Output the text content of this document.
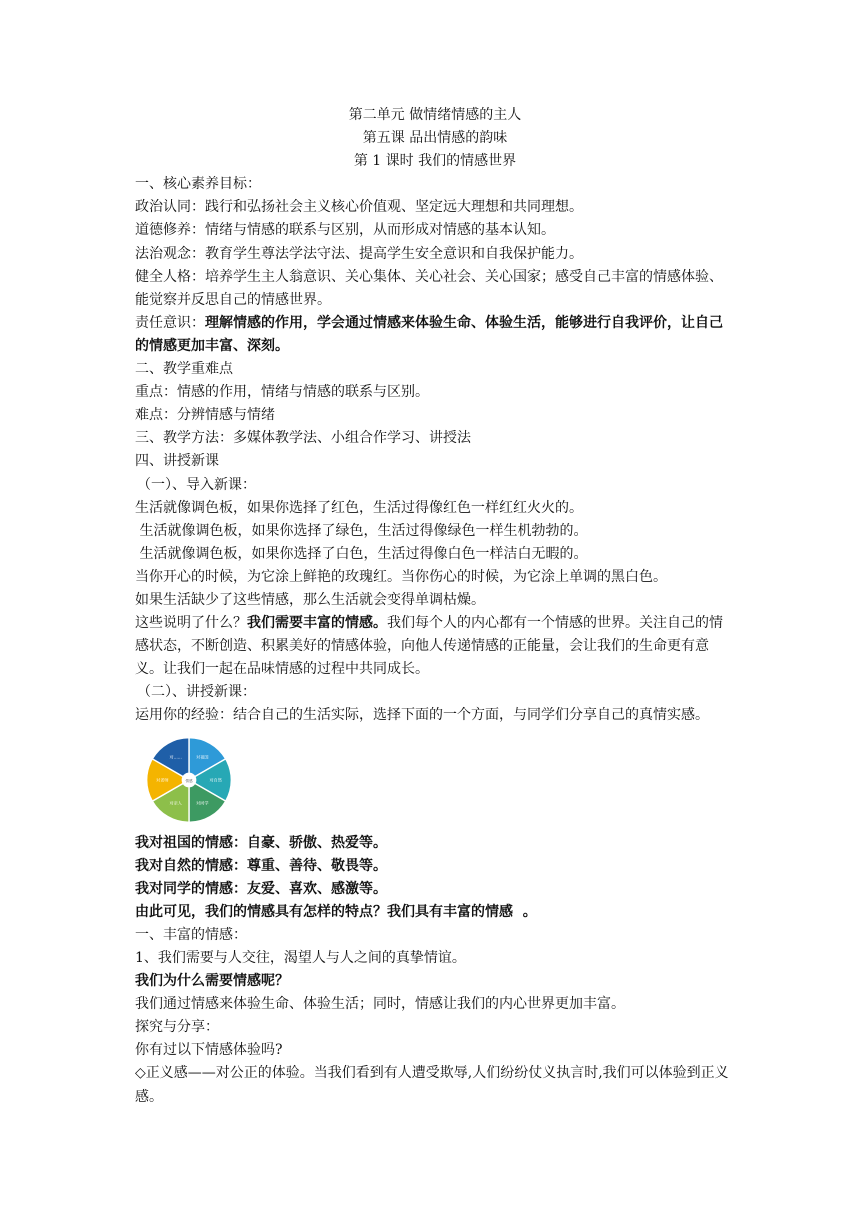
第二单元 做情绪情感的主人

第五课 品出情感的韵味

第 1 课时 我们的情感世界

一、核心素养目标：

政治认同：践行和弘扬社会主义核心价值观、坚定远大理想和共同理想。

道德修养：情绪与情感的联系与区别，从而形成对情感的基本认知。

法治观念：教育学生尊法学法守法、提高学生安全意识和自我保护能力。

健全人格：培养学生主人翁意识、关心集体、关心社会、关心国家；感受自己丰富的情感体验、能觉察并反思自己的情感世界。

责任意识：理解情感的作用，学会通过情感来体验生命、体验生活，能够进行自我评价，让自己的情感更加丰富、深刻。

二、教学重难点

重点：情感的作用，情绪与情感的联系与区别。

难点：分辨情感与情绪

三、教学方法：多媒体教学法、小组合作学习、讲授法

四、讲授新课

（一）、导入新课：

生活就像调色板，如果你选择了红色，生活过得像红色一样红红火火的。

生活就像调色板，如果你选择了绿色，生活过得像绿色一样生机勃勃的。

生活就像调色板，如果你选择了白色，生活过得像白色一样洁白无暇的。

当你开心的时候，为它涂上鲜艳的玫瑰红。当你伤心的时候，为它涂上单调的黑白色。

如果生活缺少了这些情感，那么生活就会变得单调枯燥。

这些说明了什么？我们需要丰富的情感。我们每个人的内心都有一个情感的世界。关注自己的情感状态，不断创造、积累美好的情感体验，向他人传递情感的正能量，会让我们的生命更有意义。让我们一起在品味情感的过程中共同成长。

（二）、讲授新课：

运用你的经验：结合自己的生活实际，选择下面的一个方面，与同学们分享自己的真情实感。

对祖国
对自然
对同学
对亲人
对老师
对……
情感

我对祖国的情感：自豪、骄傲、热爱等。

我对自然的情感：尊重、善待、敬畏等。

我对同学的情感：友爱、喜欢、感激等。

由此可见，我们的情感具有怎样的特点？我们具有丰富的情感  。

一、丰富的情感：

1、我们需要与人交往，渴望人与人之间的真挚情谊。

我们为什么需要情感呢？

我们通过情感来体验生命、体验生活；同时，情感让我们的内心世界更加丰富。

探究与分享：

你有过以下情感体验吗?

◇正义感——对公正的体验。当我们看到有人遭受欺辱,人们纷纷仗义执言时,我们可以体验到正义感。
